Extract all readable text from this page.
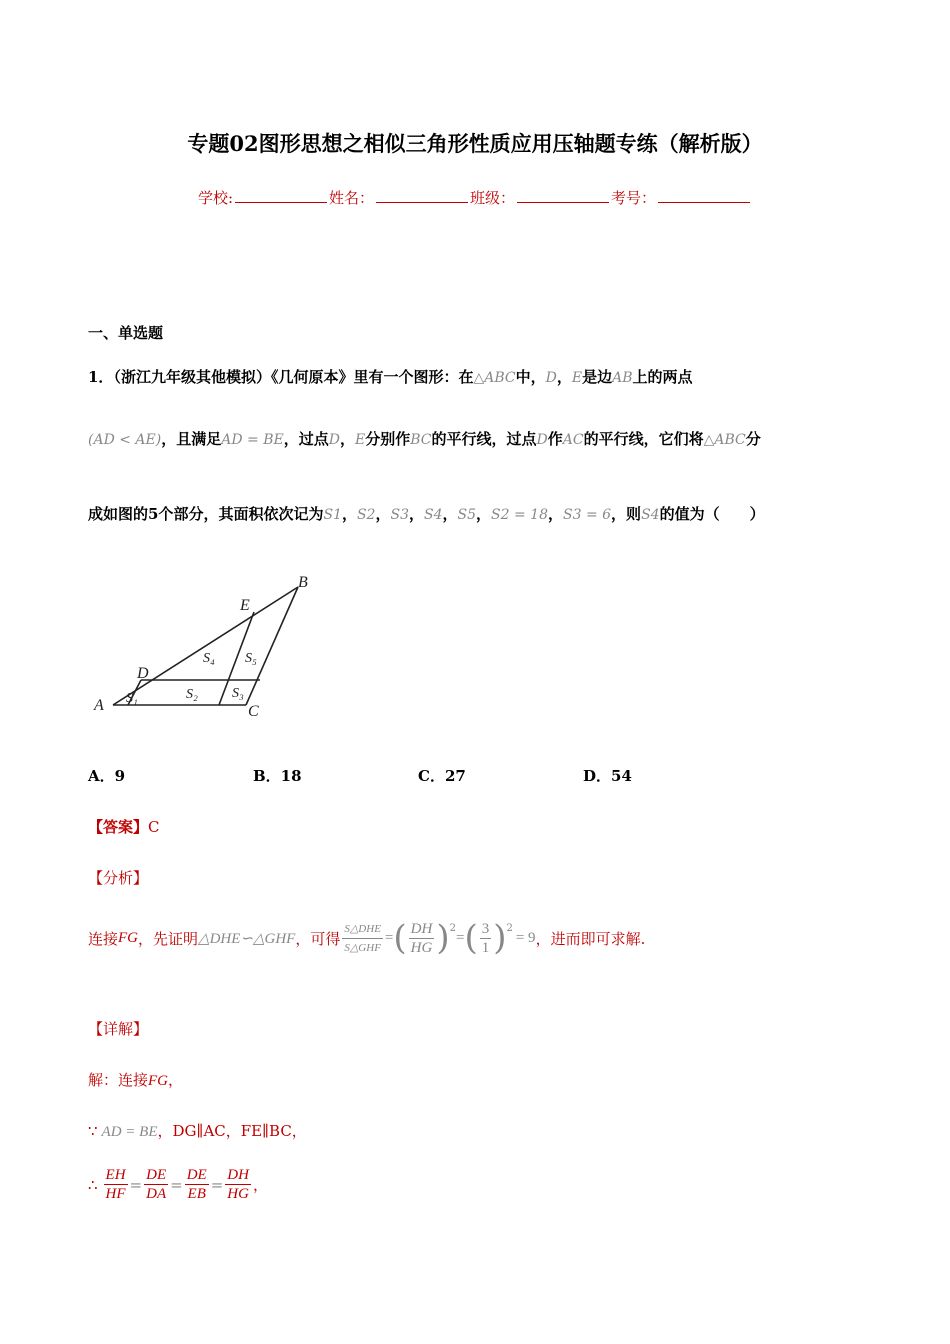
专题02图形思想之相似三角形性质应用压轴题专练（解析版）
学校:	姓名：	班级：	考号：
一、单选题
1．（浙江九年级其他模拟）《几何原本》里有一个图形：在△ABC中，D，E是边AB上的两点
(AD < AE)，且满足AD = BE，过点D，E分别作BC的平行线，过点D作AC的平行线，它们将△ABC分
成如图的5个部分，其面积依次记为S1，S2，S3，S4，S5，S2 = 18，S3 = 6，则S4的值为（　　）
A
B
C
D
E
S₁	S₂ S₃
S₄ S₅
A．9	B．18	C．27	D．54
【答案】C
【分析】
连接 FG ，先证明 △DHE∽△GHF ，可得 $\frac{\text{S△DHE}}{\text{S△GHF}}$ = ( $\frac{DH}{HG} )^2$
= ( $\frac{3}{1} )^2$
= 9 ，进而即可求解.
【详解】
解：连接FG，
∵ AD = BE，DG∥AC，FE∥BC，
∴ $\frac{EH}{HF} = \frac{DE}{DA} = \frac{DE}{EB} = \frac{DH}{HG}$ ，
